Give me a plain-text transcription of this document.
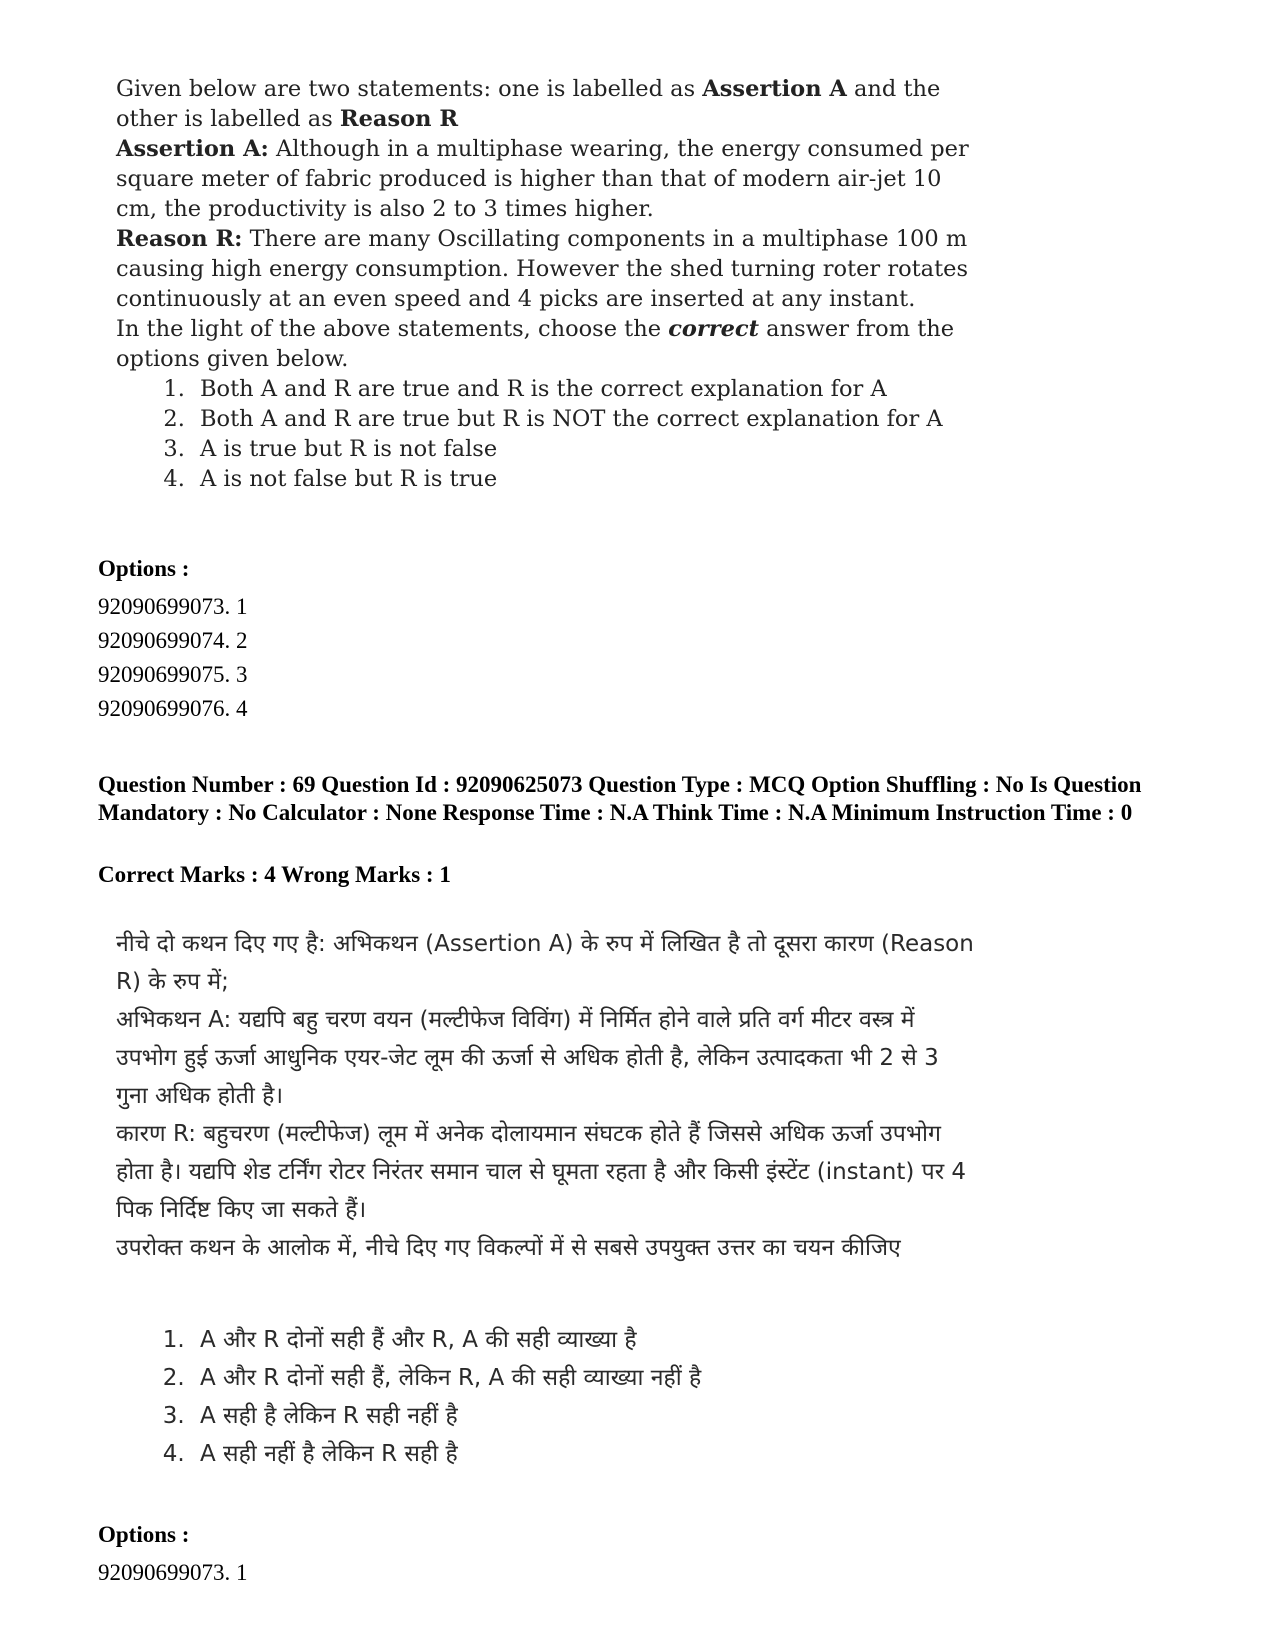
Given below are two statements: one is labelled as Assertion A and the other is labelled as Reason R

Assertion A: Although in a multiphase wearing, the energy consumed per square meter of fabric produced is higher than that of modern air-jet 10 cm, the productivity is also 2 to 3 times higher.

Reason R: There are many Oscillating components in a multiphase 100 m causing high energy consumption. However the shed turning roter rotates continuously at an even speed and 4 picks are inserted at any instant.

In the light of the above statements, choose the correct answer from the options given below.

1. Both A and R are true and R is the correct explanation for A
2. Both A and R are true but R is NOT the correct explanation for A
3. A is true but R is not false
4. A is not false but R is true
Options :
92090699073. 1
92090699074. 2
92090699075. 3
92090699076. 4
Question Number : 69 Question Id : 92090625073 Question Type : MCQ Option Shuffling : No Is Question Mandatory : No Calculator : None Response Time : N.A Think Time : N.A Minimum Instruction Time : 0
Correct Marks : 4 Wrong Marks : 1

नीचे दो कथन दिए गए है: अभिकथन (Assertion A) के रुप में लिखित है तो दूसरा कारण (Reason R) के रुप में;

अभिकथन A: यद्यपि बहु चरण वयन (मल्टीफेज विविंग) में निर्मित होने वाले प्रति वर्ग मीटर वस्त्र में उपभोग हुई ऊर्जा आधुनिक एयर-जेट लूम की ऊर्जा से अधिक होती है, लेकिन उत्पादकता भी 2 से 3 गुना अधिक होती है।

कारण R: बहुचरण (मल्टीफेज) लूम में अनेक दोलायमान संघटक होते हैं जिससे अधिक ऊर्जा उपभोग होता है। यद्यपि शेड टर्निंग रोटर निरंतर समान चाल से घूमता रहता है और किसी इंस्टेंट (instant) पर 4 पिक निर्दिष्ट किए जा सकते हैं।

उपरोक्त कथन के आलोक में, नीचे दिए गए विकल्पों में से सबसे उपयुक्त उत्तर का चयन कीजिए

1. A और R दोनों सही हैं और R, A की सही व्याख्या है
2. A और R दोनों सही हैं, लेकिन R, A की सही व्याख्या नहीं है
3. A सही है लेकिन R सही नहीं है
4. A सही नहीं है लेकिन R सही है
Options :
92090699073. 1
